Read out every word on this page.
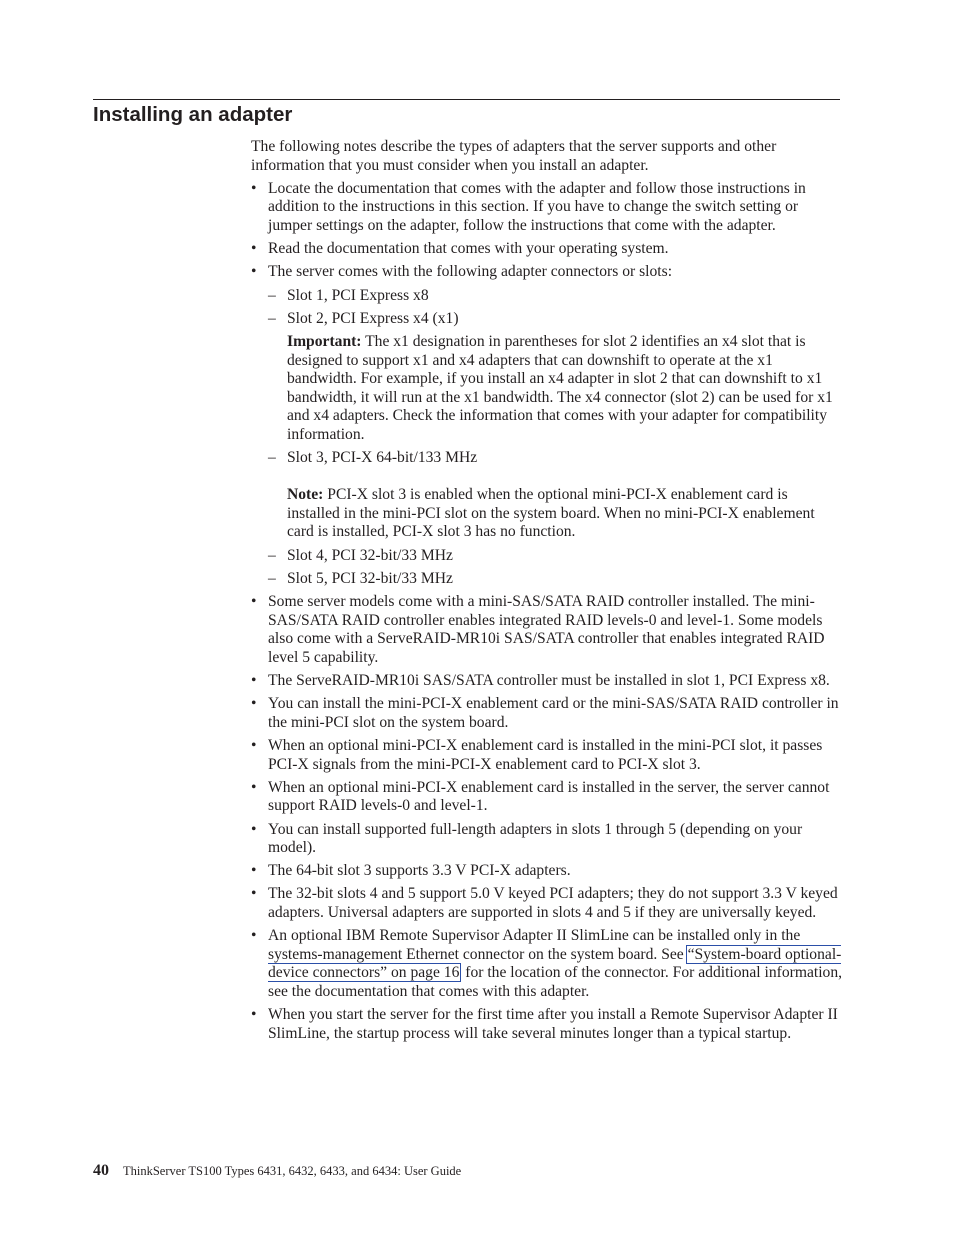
Installing an adapter

The following notes describe the types of adapters that the server supports and other information that you must consider when you install an adapter.

• Locate the documentation that comes with the adapter and follow those instructions in addition to the instructions in this section. If you have to change the switch setting or jumper settings on the adapter, follow the instructions that come with the adapter.
• Read the documentation that comes with your operating system.
• The server comes with the following adapter connectors or slots:
– Slot 1, PCI Express x8
– Slot 2, PCI Express x4 (x1)

Important: The x1 designation in parentheses for slot 2 identifies an x4 slot that is designed to support x1 and x4 adapters that can downshift to operate at the x1 bandwidth. For example, if you install an x4 adapter in slot 2 that can downshift to x1 bandwidth, it will run at the x1 bandwidth. The x4 connector (slot 2) can be used for x1 and x4 adapters. Check the information that comes with your adapter for compatibility information.

– Slot 3, PCI-X 64-bit/133 MHz

Note: PCI-X slot 3 is enabled when the optional mini-PCI-X enablement card is installed in the mini-PCI slot on the system board. When no mini-PCI-X enablement card is installed, PCI-X slot 3 has no function.

– Slot 4, PCI 32-bit/33 MHz
– Slot 5, PCI 32-bit/33 MHz
• Some server models come with a mini-SAS/SATA RAID controller installed. The mini-SAS/SATA RAID controller enables integrated RAID levels-0 and level-1. Some models also come with a ServeRAID-MR10i SAS/SATA controller that enables integrated RAID level 5 capability.
• The ServeRAID-MR10i SAS/SATA controller must be installed in slot 1, PCI Express x8.
• You can install the mini-PCI-X enablement card or the mini-SAS/SATA RAID controller in the mini-PCI slot on the system board.
• When an optional mini-PCI-X enablement card is installed in the mini-PCI slot, it passes PCI-X signals from the mini-PCI-X enablement card to PCI-X slot 3.
• When an optional mini-PCI-X enablement card is installed in the server, the server cannot support RAID levels-0 and level-1.
• You can install supported full-length adapters in slots 1 through 5 (depending on your model).
• The 64-bit slot 3 supports 3.3 V PCI-X adapters.
• The 32-bit slots 4 and 5 support 5.0 V keyed PCI adapters; they do not support 3.3 V keyed adapters. Universal adapters are supported in slots 4 and 5 if they are universally keyed.
• An optional IBM Remote Supervisor Adapter II SlimLine can be installed only in the systems-management Ethernet connector on the system board. See “System-board optional-device connectors” on page 16 for the location of the connector. For additional information, see the documentation that comes with this adapter.
• When you start the server for the first time after you install a Remote Supervisor Adapter II SlimLine, the startup process will take several minutes longer than a typical startup.
40 ThinkServer TS100 Types 6431, 6432, 6433, and 6434: User Guide
